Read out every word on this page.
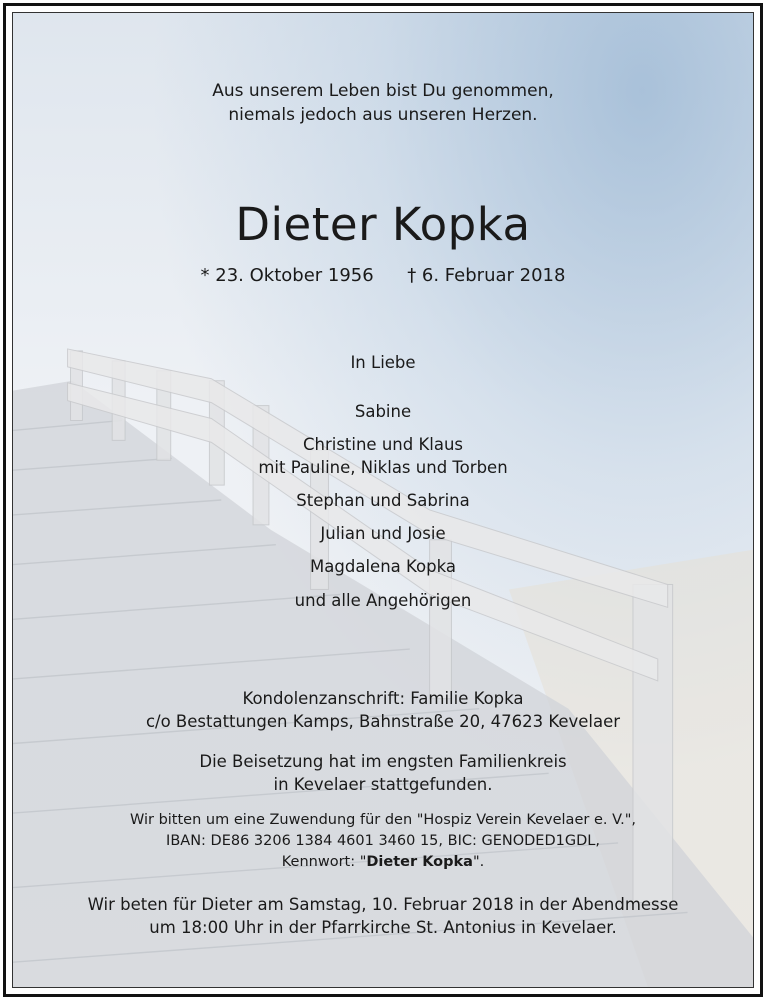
Aus unserem Leben bist Du genommen,
niemals jedoch aus unseren Herzen.
Dieter Kopka
* 23. Oktober 1956 † 6. Februar 2018
In Liebe
Sabine
Christine und Klaus
mit Pauline, Niklas und Torben
Stephan und Sabrina
Julian und Josie
Magdalena Kopka
und alle Angehörigen
Kondolenzanschrift: Familie Kopka
c/o Bestattungen Kamps, Bahnstraße 20, 47623 Kevelaer
Die Beisetzung hat im engsten Familienkreis
in Kevelaer stattgefunden.
Wir bitten um eine Zuwendung für den "Hospiz Verein Kevelaer e. V.",
IBAN: DE86 3206 1384 4601 3460 15, BIC: GENODED1GDL,
Kennwort: "Dieter Kopka".
Wir beten für Dieter am Samstag, 10. Februar 2018 in der Abendmesse
um 18:00 Uhr in der Pfarrkirche St. Antonius in Kevelaer.
